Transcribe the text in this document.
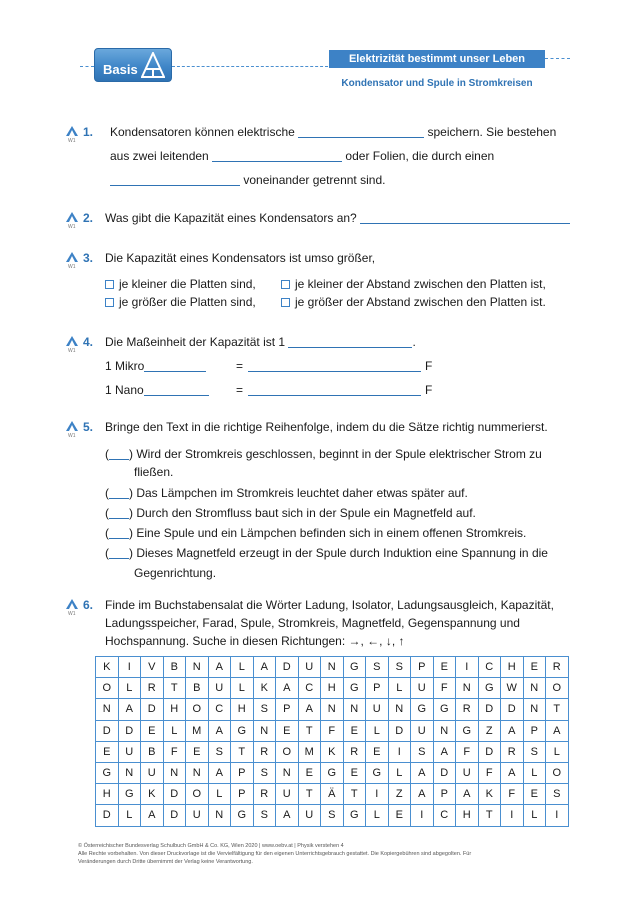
Basis
Elektrizität bestimmt unser Leben
Kondensator und Spule in Stromkreisen
W1
1. Kondensatoren können elektrische	speichern. Sie bestehen
aus zwei leitenden	oder Folien, die durch einen
voneinander getrennt sind.
W1
2. Was gibt die Kapazität eines Kondensators an?
W1
3. Die Kapazität eines Kondensators ist umso größer,
je kleiner die Platten sind,	je kleiner der Abstand zwischen den Platten ist,
je größer die Platten sind,	je größer der Abstand zwischen den Platten ist.
W1
4. Die Maßeinheit der Kapazität ist 1	.
1 Mikro	=	F
1 Nano	=	F
W1
5. Bringe den Text in die richtige Reihenfolge, indem du die Sätze richtig nummerierst.
( ) Wird der Stromkreis geschlossen, beginnt in der Spule elektrischer Strom zu
fließen.
( ) Das Lämpchen im Stromkreis leuchtet daher etwas später auf.
( ) Durch den Stromfluss baut sich in der Spule ein Magnetfeld auf.
( ) Eine Spule und ein Lämpchen befinden sich in einem offenen Stromkreis.
( ) Dieses Magnetfeld erzeugt in der Spule durch Induktion eine Spannung in die
Gegenrichtung.
W1
6. Finde im Buchstabensalat die Wörter Ladung, Isolator, Ladungsausgleich, Kapazität,
Ladungsspeicher, Farad, Spule, Stromkreis, Magnetfeld, Gegenspannung und
Hochspannung. Suche in diesen Richtungen: →, ←, ↓, ↑
K	I	V	B	N	A	L	A	D	U	N	G	S	S	P	E	I	C	H	E	R
O	L	R	T	B	U	L	K	A	C	H	G	P	L	U	F	N	G	W	N	O
N	A	D	H	O	C	H	S	P	A	N	N	U	N	G	G	R	D	D	N	T
D	D	E	L	M	A	G	N	E	T	F	E	L	D	U	N	G	Z	A	P	A
E	U	B	F	E	S	T	R	O	M	K	R	E	I	S	A	F	D	R	S	L
G	N	U	N	N	A	P	S	N	E	G	E	G	L	A	D	U	F	A	L	O
H	G	K	D	O	L	P	R	U	T	Ä	T	I	Z	A	P	A	K	F	E	S
D	L	A	D	U	N	G	S	A	U	S	G	L	E	I	C	H	T	I	L	I
© Österreichischer Bundesverlag Schulbuch GmbH & Co. KG, Wien 2020 | www.oebv.at | Physik verstehen 4
Alle Rechte vorbehalten. Von dieser Druckvorlage ist die Vervielfältigung für den eigenen Unterrichtsgebrauch gestattet. Die Kopiergebühren sind abgegolten. Für
Veränderungen durch Dritte übernimmt der Verlag keine Verantwortung.
